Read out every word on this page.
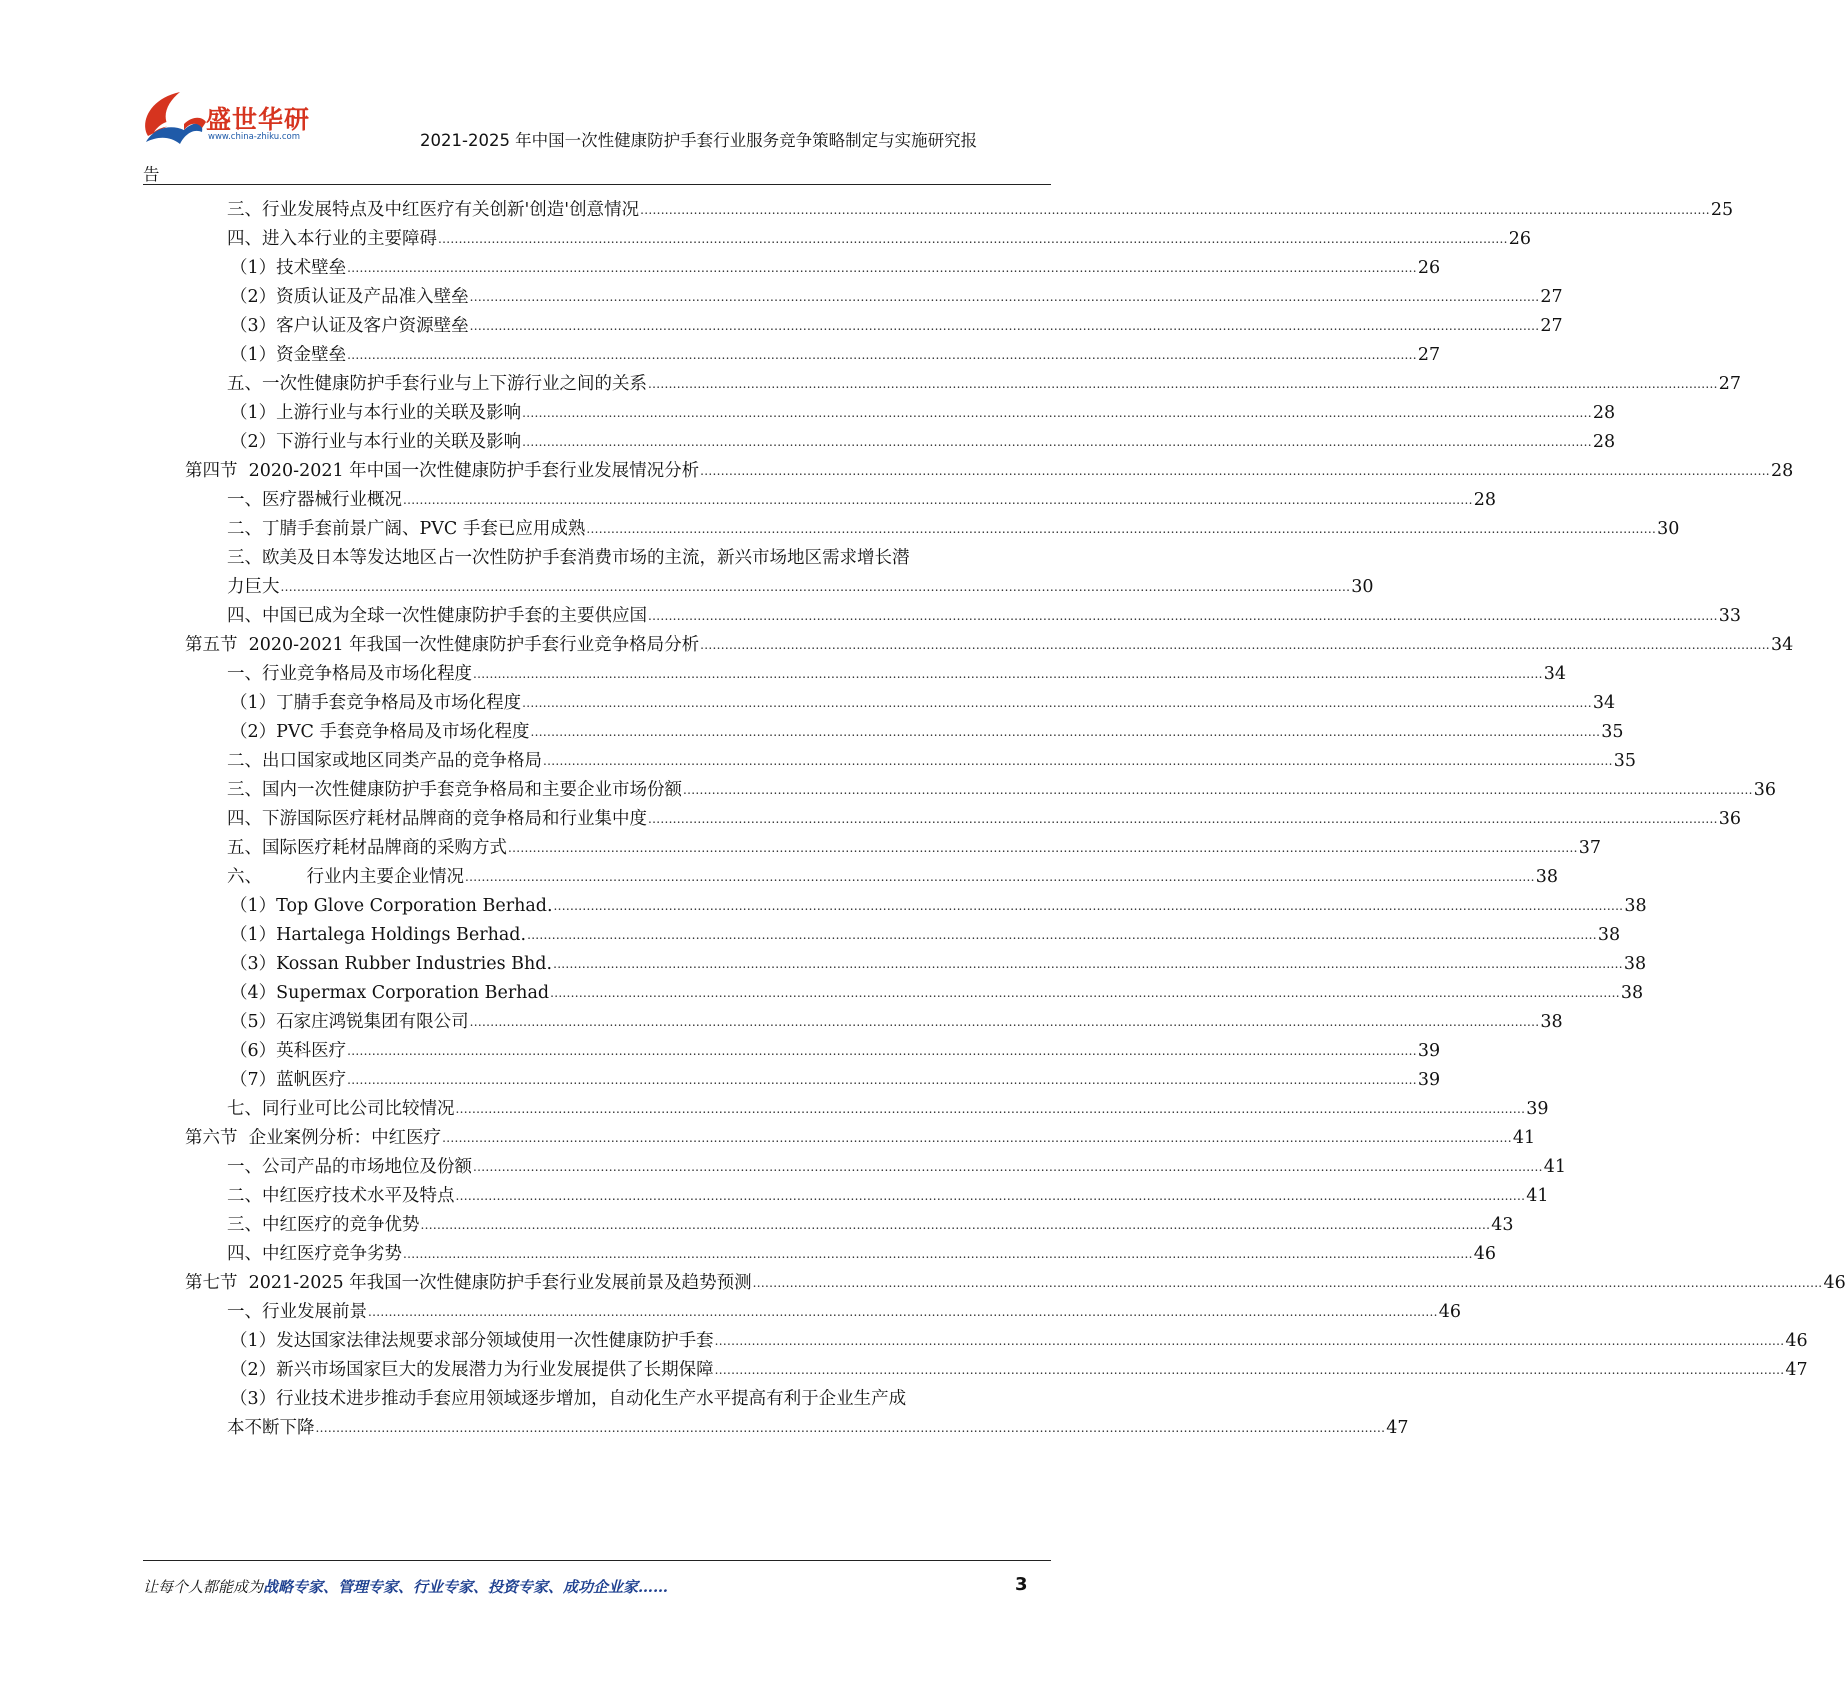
盛世华研
www.china-zhiku.com	2021-2025 年中国一次性健康防护手套行业服务竞争策略制定与实施研究报
告
三、行业发展特点及中红医疗有关创新'创造'创意情况 .................................................................................................................................................................................................................................................................... 25
四、进入本行业的主要障碍 .................................................................................................................................................................................................................................................................... 26
（1）技术壁垒 .................................................................................................................................................................................................................................................................... 26
（2）资质认证及产品准入壁垒 .................................................................................................................................................................................................................................................................... 27
（3）客户认证及客户资源壁垒 .................................................................................................................................................................................................................................................................... 27
（1）资金壁垒 .................................................................................................................................................................................................................................................................... 27
五、一次性健康防护手套行业与上下游行业之间的关系 .................................................................................................................................................................................................................................................................... 27
（1）上游行业与本行业的关联及影响 .................................................................................................................................................................................................................................................................... 28
（2）下游行业与本行业的关联及影响 .................................................................................................................................................................................................................................................................... 28
第四节  2020-2021 年中国一次性健康防护手套行业发展情况分析 .................................................................................................................................................................................................................................................................... 28
一、医疗器械行业概况 .................................................................................................................................................................................................................................................................... 28
二、丁腈手套前景广阔、PVC 手套已应用成熟 .................................................................................................................................................................................................................................................................... 30
三、欧美及日本等发达地区占一次性防护手套消费市场的主流，新兴市场地区需求增长潜
力巨大 .................................................................................................................................................................................................................................................................... 30
四、中国已成为全球一次性健康防护手套的主要供应国 .................................................................................................................................................................................................................................................................... 33
第五节  2020-2021 年我国一次性健康防护手套行业竞争格局分析 .................................................................................................................................................................................................................................................................... 34
一、行业竞争格局及市场化程度 .................................................................................................................................................................................................................................................................... 34
（1）丁腈手套竞争格局及市场化程度 .................................................................................................................................................................................................................................................................... 34
（2）PVC 手套竞争格局及市场化程度 .................................................................................................................................................................................................................................................................... 35
二、出口国家或地区同类产品的竞争格局 .................................................................................................................................................................................................................................................................... 35
三、国内一次性健康防护手套竞争格局和主要企业市场份额 .................................................................................................................................................................................................................................................................... 36
四、下游国际医疗耗材品牌商的竞争格局和行业集中度 .................................................................................................................................................................................................................................................................... 36
五、国际医疗耗材品牌商的采购方式 .................................................................................................................................................................................................................................................................... 37
六、        行业内主要企业情况 .................................................................................................................................................................................................................................................................... 38
（1）Top Glove Corporation Berhad. .................................................................................................................................................................................................................................................................... 38
（1）Hartalega Holdings Berhad. .................................................................................................................................................................................................................................................................... 38
（3）Kossan Rubber Industries Bhd. .................................................................................................................................................................................................................................................................... 38
（4）Supermax Corporation Berhad .................................................................................................................................................................................................................................................................... 38
（5）石家庄鸿锐集团有限公司 .................................................................................................................................................................................................................................................................... 38
（6）英科医疗 .................................................................................................................................................................................................................................................................... 39
（7）蓝帆医疗 .................................................................................................................................................................................................................................................................... 39
七、同行业可比公司比较情况 .................................................................................................................................................................................................................................................................... 39
第六节  企业案例分析：中红医疗 .................................................................................................................................................................................................................................................................... 41
一、公司产品的市场地位及份额 .................................................................................................................................................................................................................................................................... 41
二、中红医疗技术水平及特点 .................................................................................................................................................................................................................................................................... 41
三、中红医疗的竞争优势 .................................................................................................................................................................................................................................................................... 43
四、中红医疗竞争劣势 .................................................................................................................................................................................................................................................................... 46
第七节  2021-2025 年我国一次性健康防护手套行业发展前景及趋势预测 .................................................................................................................................................................................................................................................................... 46
一、行业发展前景 .................................................................................................................................................................................................................................................................... 46
（1）发达国家法律法规要求部分领域使用一次性健康防护手套 .................................................................................................................................................................................................................................................................... 46
（2）新兴市场国家巨大的发展潜力为行业发展提供了长期保障 .................................................................................................................................................................................................................................................................... 47
（3）行业技术进步推动手套应用领域逐步增加，自动化生产水平提高有利于企业生产成
本不断下降 .................................................................................................................................................................................................................................................................... 47
让每个人都能成为战略专家、管理专家、行业专家、投资专家、成功企业家……	3
